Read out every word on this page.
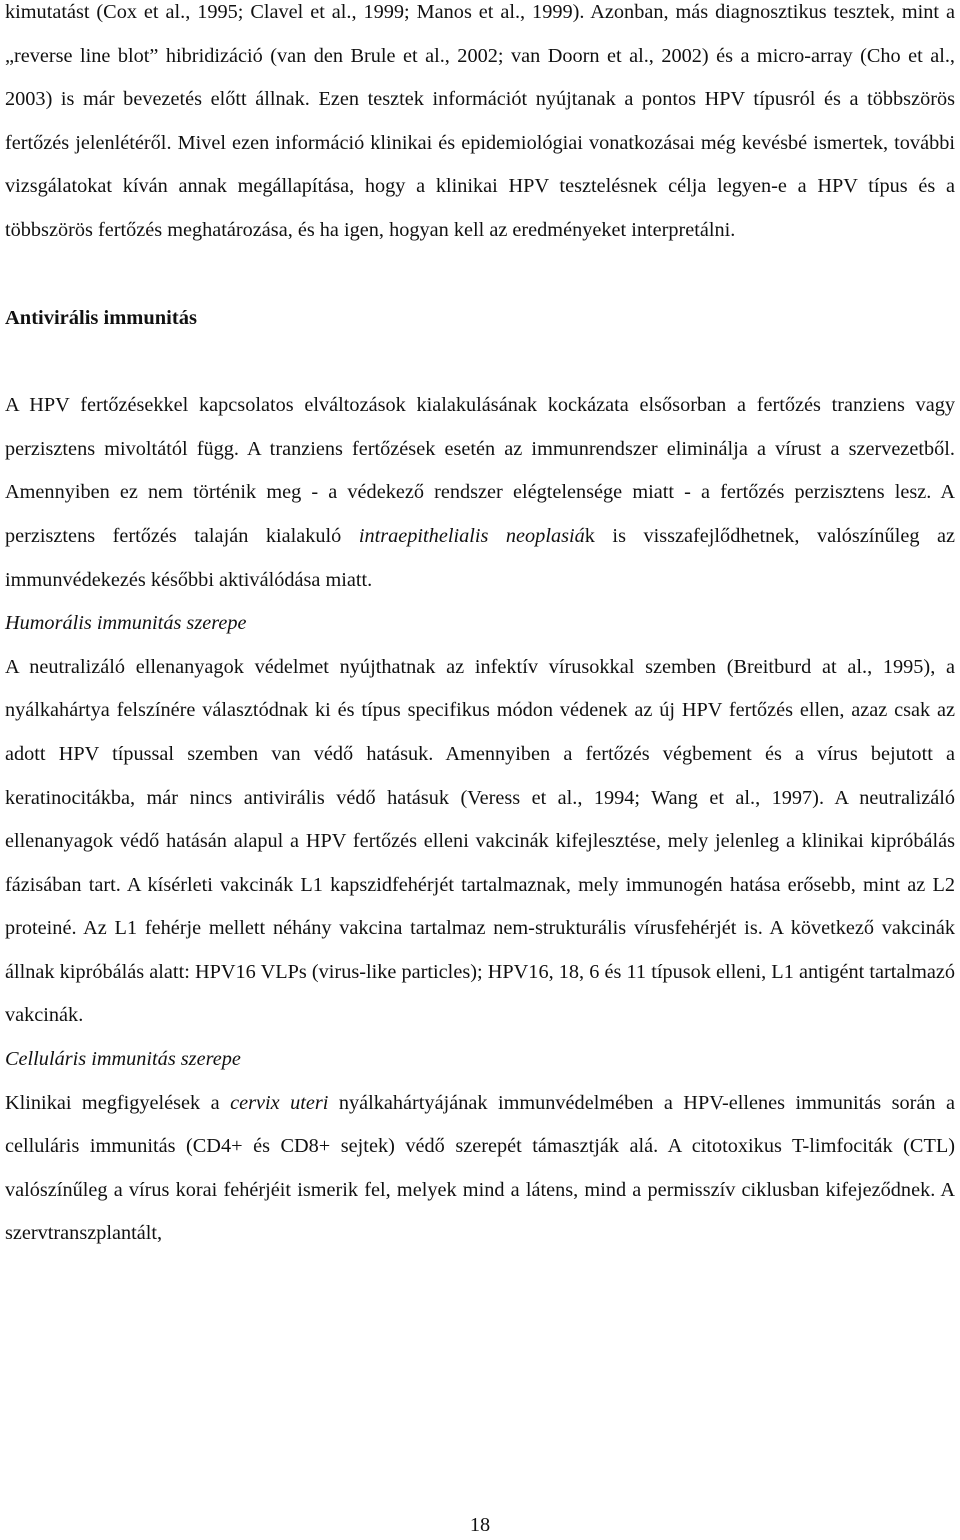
kimutatást (Cox et al., 1995; Clavel et al., 1999; Manos et al., 1999). Azonban, más diagnosztikus tesztek, mint a „reverse line blot” hibridizáció (van den Brule et al., 2002; van Doorn et al., 2002) és a micro-array (Cho et al., 2003) is már bevezetés előtt állnak. Ezen tesztek információt nyújtanak a pontos HPV típusról és a többszörös fertőzés jelenlétéről. Mivel ezen információ klinikai és epidemiológiai vonatkozásai még kevésbé ismertek, további vizsgálatokat kíván annak megállapítása, hogy a klinikai HPV tesztelésnek célja legyen-e a HPV típus és a többszörös fertőzés meghatározása, és ha igen, hogyan kell az eredményeket interpretálni.

Antivirális immunitás

A HPV fertőzésekkel kapcsolatos elváltozások kialakulásának kockázata elsősorban a fertőzés tranziens vagy perzisztens mivoltától függ. A tranziens fertőzések esetén az immunrendszer eliminálja a vírust a szervezetből. Amennyiben ez nem történik meg - a védekező rendszer elégtelensége miatt - a fertőzés perzisztens lesz. A perzisztens fertőzés talaján kialakuló intraepithelialis neoplasiák is visszafejlődhetnek, valószínűleg az immunvédekezés későbbi aktiválódása miatt.

Humorális immunitás szerepe

A neutralizáló ellenanyagok védelmet nyújthatnak az infektív vírusokkal szemben (Breitburd at al., 1995), a nyálkahártya felszínére választódnak ki és típus specifikus módon védenek az új HPV fertőzés ellen, azaz csak az adott HPV típussal szemben van védő hatásuk. Amennyiben a fertőzés végbement és a vírus bejutott a keratinocitákba, már nincs antivirális védő hatásuk (Veress et al., 1994; Wang et al., 1997). A neutralizáló ellenanyagok védő hatásán alapul a HPV fertőzés elleni vakcinák kifejlesztése, mely jelenleg a klinikai kipróbálás fázisában tart. A kísérleti vakcinák L1 kapszidfehérjét tartalmaznak, mely immunogén hatása erősebb, mint az L2 proteiné. Az L1 fehérje mellett néhány vakcina tartalmaz nem-strukturális vírusfehérjét is. A következő vakcinák állnak kipróbálás alatt: HPV16 VLPs (virus-like particles); HPV16, 18, 6 és 11 típusok elleni, L1 antigént tartalmazó vakcinák.

Celluláris immunitás szerepe

Klinikai megfigyelések a cervix uteri nyálkahártyájának immunvédelmében a HPV-ellenes immunitás során a celluláris immunitás (CD4+ és CD8+ sejtek) védő szerepét támasztják alá. A citotoxikus T-limfociták (CTL) valószínűleg a vírus korai fehérjéit ismerik fel, melyek mind a látens, mind a permisszív ciklusban kifejeződnek. A szervtranszplantált,

18
